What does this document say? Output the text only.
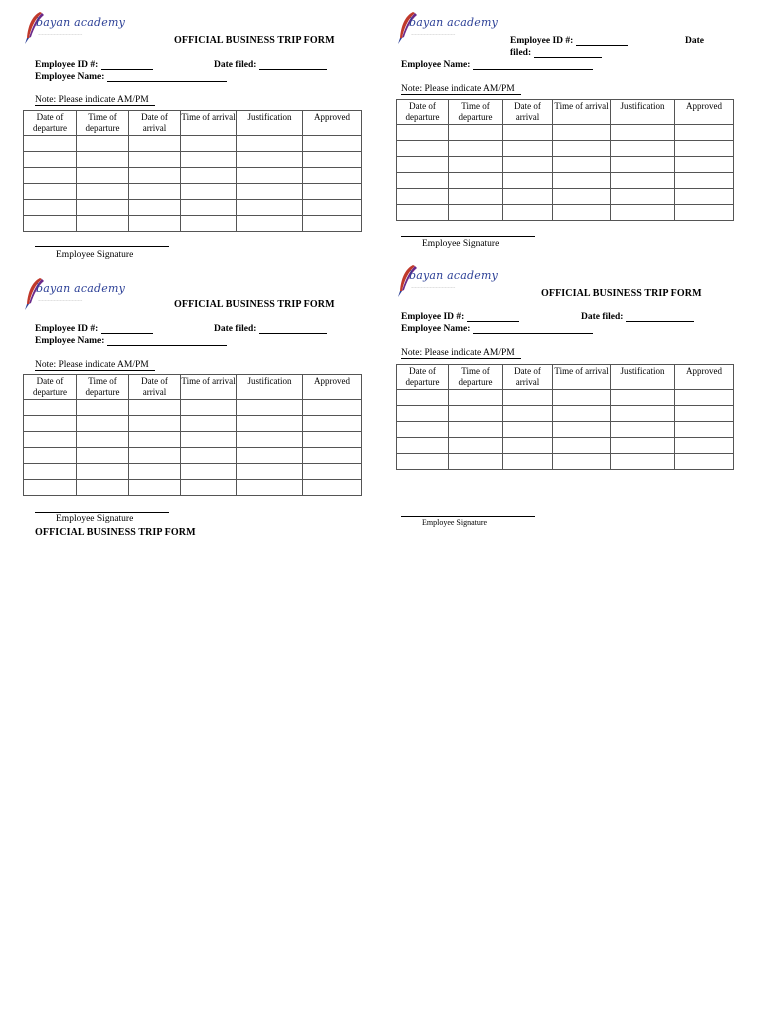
bayan academy
...........................................................
OFFICIAL BUSINESS TRIP FORM
Employee ID #:	Date filed:
Employee Name:
Note: Please indicate AM/PM
Date of departure	Time of departure	Date of arrival	Time of arrival	Justification	Approved

Employee Signature
bayan academy
...........................................................
Employee ID #:	Date
filed:
Employee Name:
Note: Please indicate AM/PM
Date of departure	Time of departure	Date of arrival	Time of arrival	Justification	Approved

Employee Signature
bayan academy
...........................................................	OFFICIAL BUSINESS TRIP FORM
Employee ID #:	Date filed:
Employee Name:
Note: Please indicate AM/PM
Date of departure	Time of departure	Date of arrival	Time of arrival	Justification	Approved

Employee Signature
bayan academy
...........................................................
OFFICIAL BUSINESS TRIP FORM
Employee ID #:	Date filed:
Employee Name:
Note: Please indicate AM/PM
Date of departure	Time of departure	Date of arrival	Time of arrival	Justification	Approved

Employee Signature
OFFICIAL BUSINESS TRIP FORM
